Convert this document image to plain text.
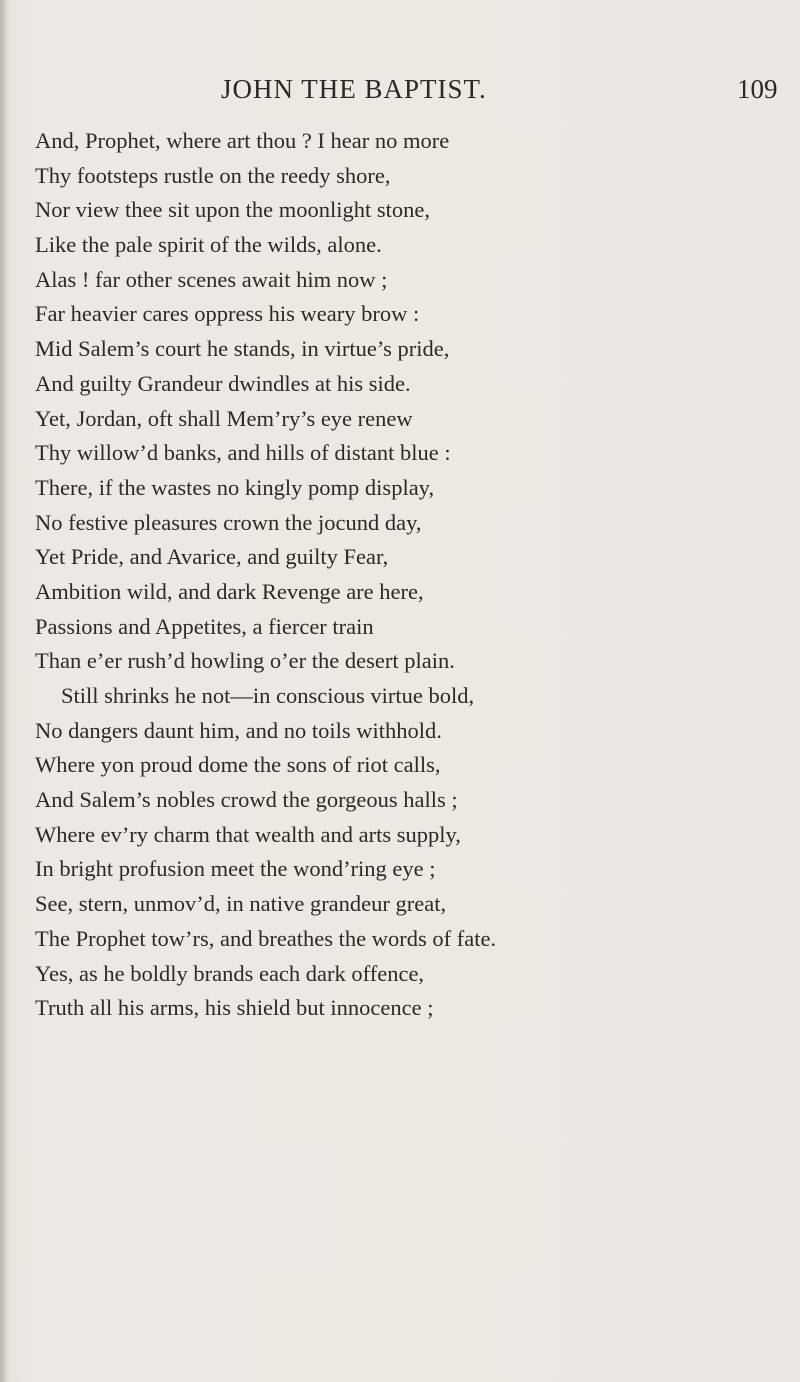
JOHN THE BAPTIST.	109
And, Prophet, where art thou ? I hear no more
Thy footsteps rustle on the reedy shore,
Nor view thee sit upon the moonlight stone,
Like the pale spirit of the wilds, alone.
Alas ! far other scenes await him now ;
Far heavier cares oppress his weary brow :
Mid Salem’s court he stands, in virtue’s pride,
And guilty Grandeur dwindles at his side.
Yet, Jordan, oft shall Mem’ry’s eye renew
Thy willow’d banks, and hills of distant blue :
There, if the wastes no kingly pomp display,
No festive pleasures crown the jocund day,
Yet Pride, and Avarice, and guilty Fear,
Ambition wild, and dark Revenge are here,
Passions and Appetites, a fiercer train
Than e’er rush’d howling o’er the desert plain.
Still shrinks he not—in conscious virtue bold,
No dangers daunt him, and no toils withhold.
Where yon proud dome the sons of riot calls,
And Salem’s nobles crowd the gorgeous halls ;
Where ev’ry charm that wealth and arts supply,
In bright profusion meet the wond’ring eye ;
See, stern, unmov’d, in native grandeur great,
The Prophet tow’rs, and breathes the words of fate.
Yes, as he boldly brands each dark offence,
Truth all his arms, his shield but innocence ;
